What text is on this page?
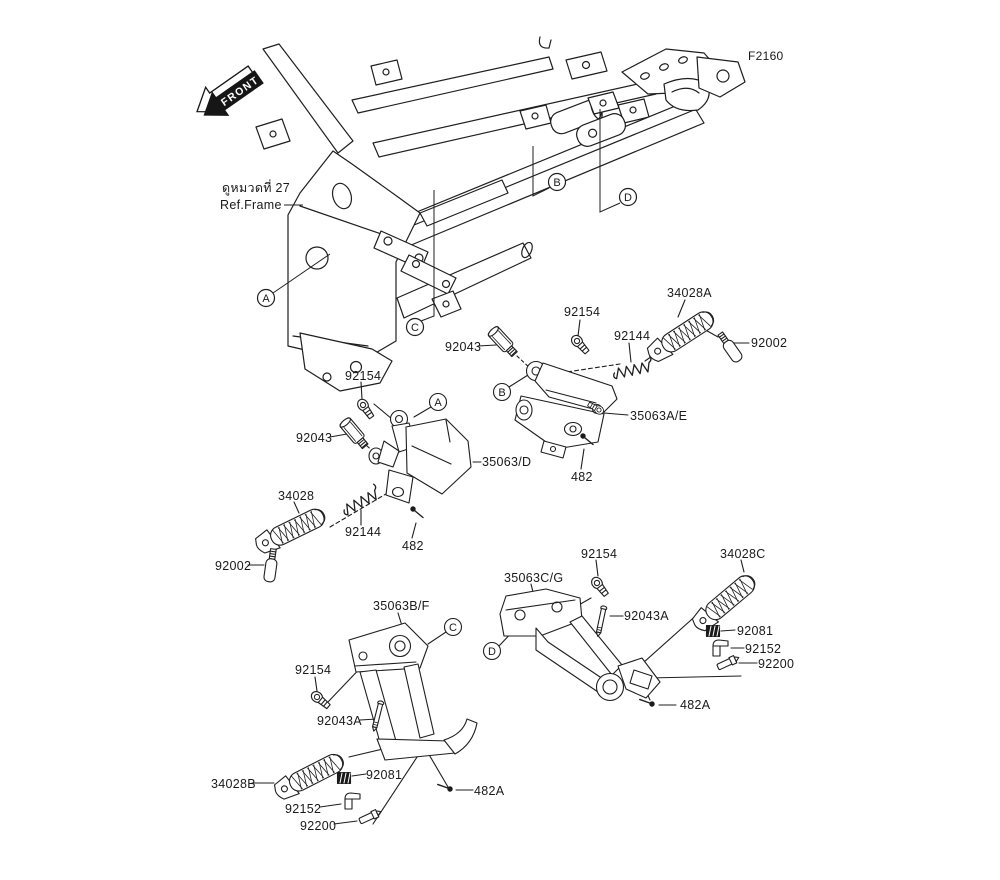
FRONT
F2160
ดูหมวดที่ 27
Ref.Frame
A
B
C
D
92154
92043
92144
34028A
92002
35063A/E
482
B
92154
92043
35063/D
34028
92144
482
92002
A
35063B/F
92154
92043A
34028B
92081
92152
92200
482A
C
92154	34028C
35063C/G
92043A
92081
92152
92200
482A
D
